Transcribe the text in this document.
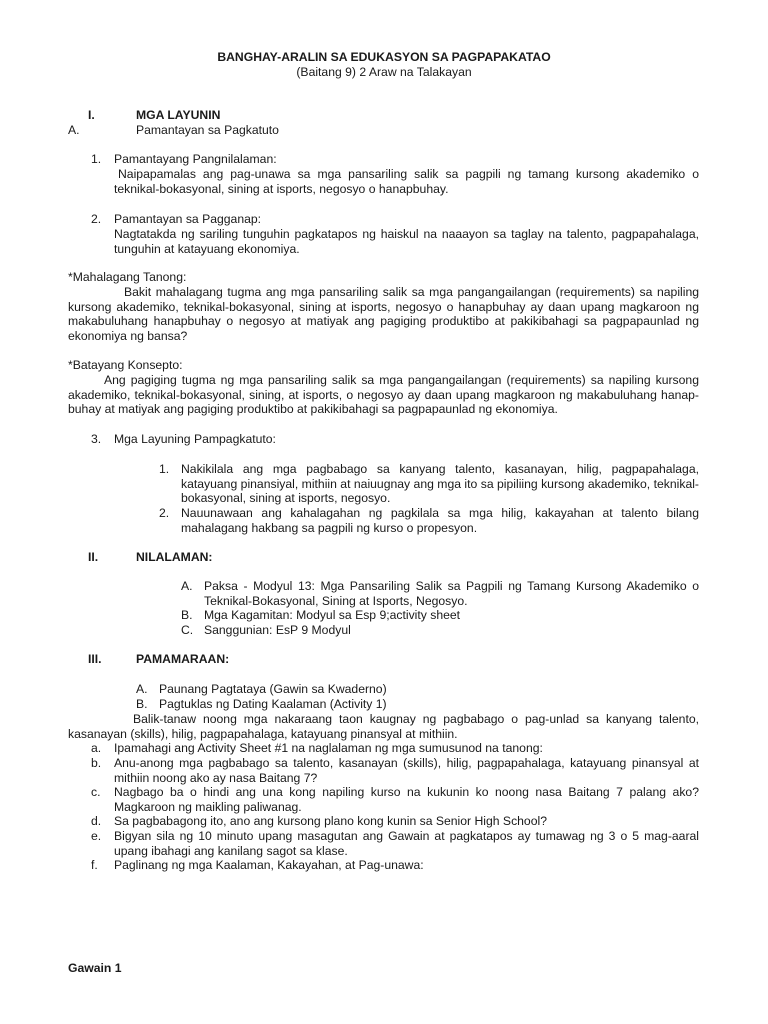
BANGHAY-ARALIN SA EDUKASYON SA PAGPAPAKATAO
(Baitang 9) 2 Araw na Talakayan
I.	MGA LAYUNIN
A.	Pamantayan sa Pagkatuto
1. Pamantayang Pangnilalaman:
Naipapamalas ang pag-unawa sa mga pansariling salik sa pagpili ng tamang kursong akademiko o teknikal-bokasyonal, sining at isports, negosyo o hanapbuhay.
2. Pamantayan sa Pagganap:
Nagtatakda ng sariling tunguhin pagkatapos ng haiskul na naaayon sa taglay na talento, pagpapahalaga, tunguhin at katayuang ekonomiya.
*Mahalagang Tanong:
Bakit mahalagang tugma ang mga pansariling salik sa mga pangangailangan (requirements) sa napiling kursong akademiko, teknikal-bokasyonal, sining at isports, negosyo o hanapbuhay ay daan upang magkaroon ng makabuluhang hanapbuhay o negosyo at matiyak ang pagiging produktibo at pakikibahagi sa pagpapaunlad ng ekonomiya ng bansa?
*Batayang Konsepto:
Ang pagiging tugma ng mga pansariling salik sa mga pangangailangan (requirements) sa napiling kursong akademiko, teknikal-bokasyonal, sining, at isports, o negosyo ay daan upang magkaroon ng makabuluhang hanap-buhay at matiyak ang pagiging produktibo at pakikibahagi sa pagpapaunlad ng ekonomiya.
3. Mga Layuning Pampagkatuto:
1. Nakikilala ang mga pagbabago sa kanyang talento, kasanayan, hilig, pagpapahalaga, katayuang pinansiyal, mithiin at naiuugnay ang mga ito sa pipiliing kursong akademiko, teknikal-bokasyonal, sining at isports, negosyo.
2. Nauunawaan ang kahalagahan ng pagkilala sa mga hilig, kakayahan at talento bilang mahalagang hakbang sa pagpili ng kurso o propesyon.
II.	NILALAMAN:
A. Paksa - Modyul 13: Mga Pansariling Salik sa Pagpili ng Tamang Kursong Akademiko o Teknikal-Bokasyonal, Sining at Isports, Negosyo.
B. Mga Kagamitan: Modyul sa Esp 9;activity sheet
C. Sanggunian: EsP 9 Modyul
III.	PAMAMARAAN:
A. Paunang Pagtataya (Gawin sa Kwaderno)
B. Pagtuklas ng Dating Kaalaman (Activity 1)
Balik-tanaw noong mga nakaraang taon kaugnay ng pagbabago o pag-unlad sa kanyang talento, kasanayan (skills), hilig, pagpapahalaga, katayuang pinansyal at mithiin.
a. Ipamahagi ang Activity Sheet #1 na naglalaman ng mga sumusunod na tanong:
b. Anu-anong mga pagbabago sa talento, kasanayan (skills), hilig, pagpapahalaga, katayuang pinansyal at mithiin noong ako ay nasa Baitang 7?
c. Nagbago ba o hindi ang una kong napiling kurso na kukunin ko noong nasa Baitang 7 palang ako? Magkaroon ng maikling paliwanag.
d. Sa pagbabagong ito, ano ang kursong plano kong kunin sa Senior High School?
e. Bigyan sila ng 10 minuto upang masagutan ang Gawain at pagkatapos ay tumawag ng 3 o 5 mag-aaral upang ibahagi ang kanilang sagot sa klase.
f. Paglinang ng mga Kaalaman, Kakayahan, at Pag-unawa:
Gawain 1
